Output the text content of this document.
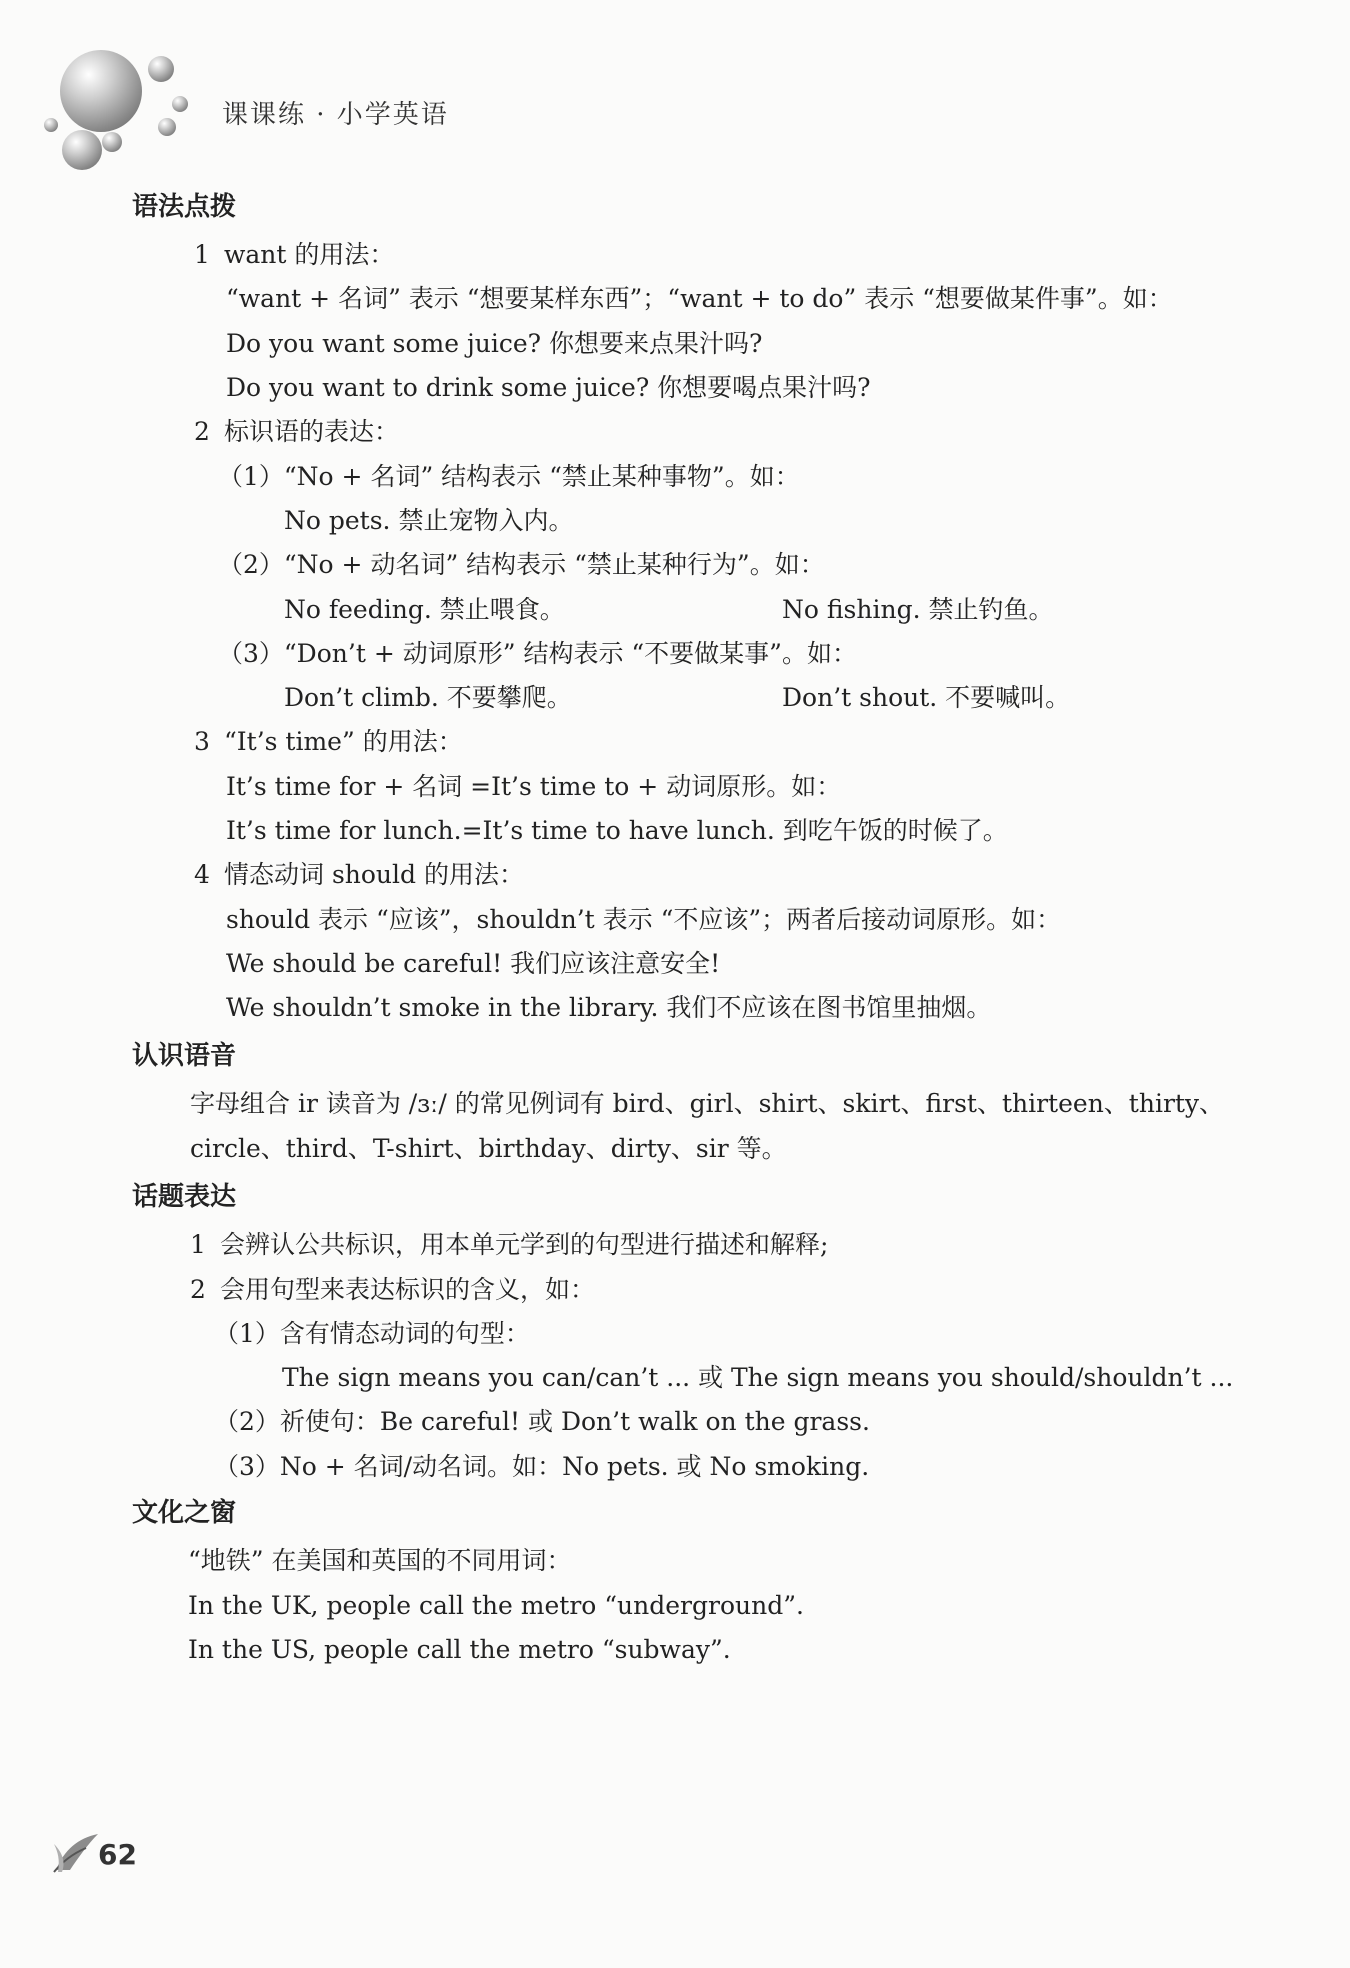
课课练 · 小学英语
语法点拨
1 want 的用法：
“want + 名词” 表示 “想要某样东西”；“want + to do” 表示 “想要做某件事”。如：
Do you want some juice? 你想要来点果汁吗?
Do you want to drink some juice? 你想要喝点果汁吗?
2 标识语的表达：
（1）“No + 名词” 结构表示 “禁止某种事物”。如：
No pets. 禁止宠物入内。
（2）“No + 动名词” 结构表示 “禁止某种行为”。如：
No feeding. 禁止喂食。	No fishing. 禁止钓鱼。
（3）“Don’t + 动词原形” 结构表示 “不要做某事”。如：
Don’t climb. 不要攀爬。	Don’t shout. 不要喊叫。
3 “It’s time” 的用法：
It’s time for + 名词 =It’s time to + 动词原形。如：
It’s time for lunch.=It’s time to have lunch. 到吃午饭的时候了。
4 情态动词 should 的用法：
should 表示 “应该”，shouldn’t 表示 “不应该”；两者后接动词原形。如：
We should be careful! 我们应该注意安全!
We shouldn’t smoke in the library. 我们不应该在图书馆里抽烟。
认识语音
字母组合 ir 读音为 /ɜː/ 的常见例词有 bird、girl、shirt、skirt、first、thirteen、thirty、
circle、third、T-shirt、birthday、dirty、sir 等。
话题表达
1 会辨认公共标识，用本单元学到的句型进行描述和解释;
2 会用句型来表达标识的含义，如：
（1）含有情态动词的句型：
The sign means you can/can’t ... 或 The sign means you should/shouldn’t ...
（2）祈使句：Be careful! 或 Don’t walk on the grass.
（3）No + 名词/动名词。如：No pets. 或 No smoking.
文化之窗
“地铁” 在美国和英国的不同用词：
In the UK, people call the metro “underground”.
In the US, people call the metro “subway”.
62
